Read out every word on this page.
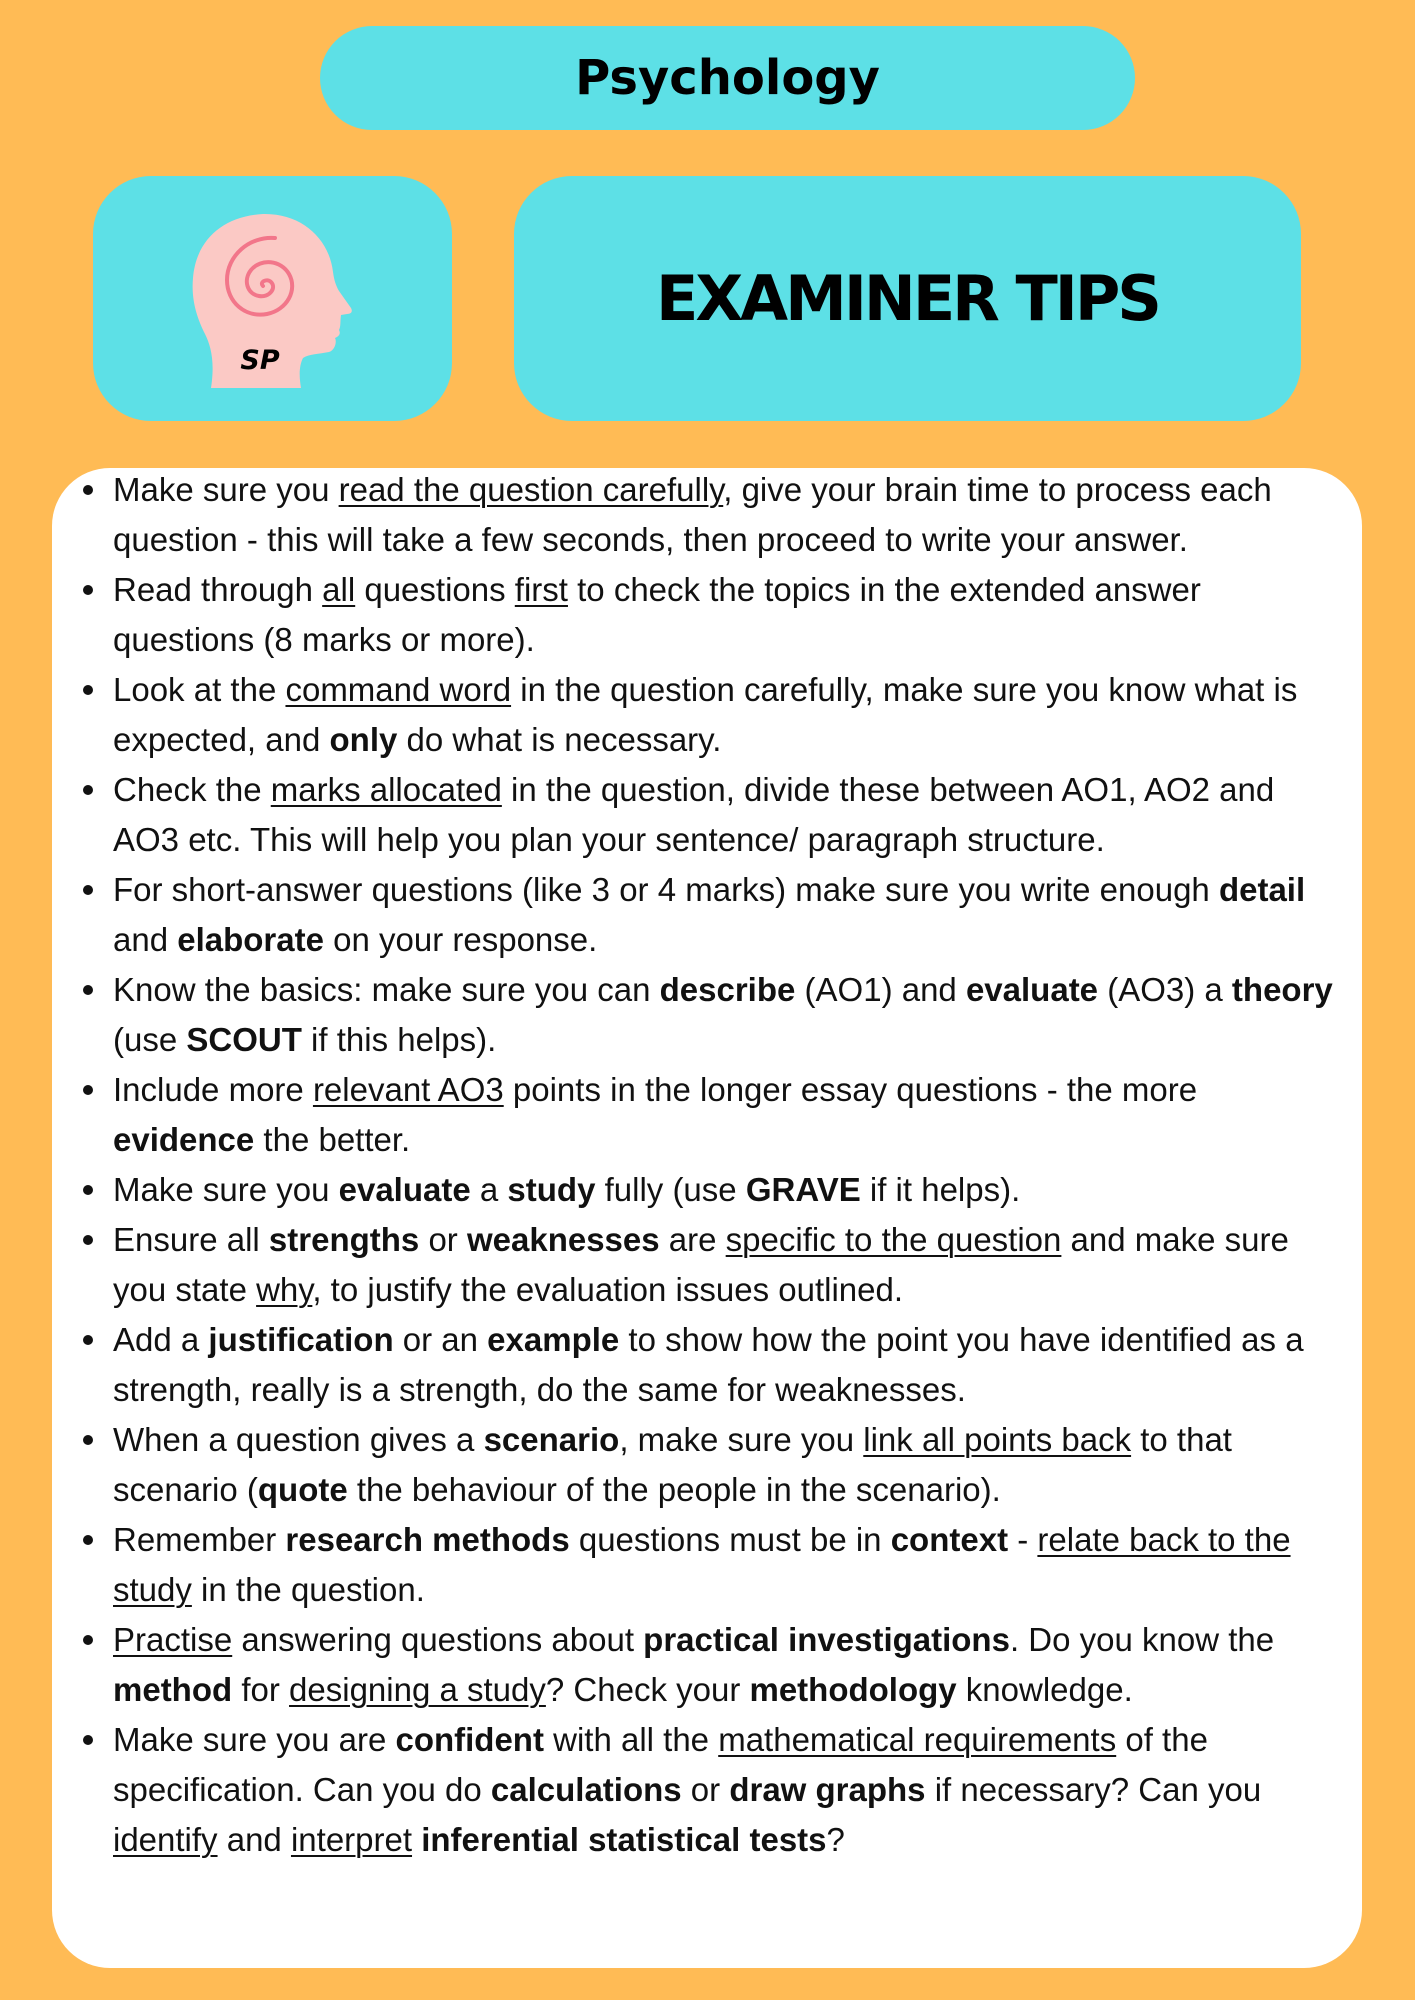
Psychology
SP
EXAMINER TIPS
Make sure you read the question carefully, give your brain time to process each question - this will take a few seconds, then proceed to write your answer.
Read through all questions first to check the topics in the extended answer questions (8 marks or more).
Look at the command word in the question carefully, make sure you know what is expected, and only do what is necessary.
Check the marks allocated in the question, divide these between AO1, AO2 and AO3 etc. This will help you plan your sentence/ paragraph structure.
For short-answer questions (like 3 or 4 marks) make sure you write enough detail and elaborate on your response.
Know the basics: make sure you can describe (AO1) and evaluate (AO3) a theory (use SCOUT if this helps).
Include more relevant AO3 points in the longer essay questions - the more evidence the better.
Make sure you evaluate a study fully (use GRAVE if it helps).
Ensure all strengths or weaknesses are specific to the question and make sure you state why, to justify the evaluation issues outlined.
Add a justification or an example to show how the point you have identified as a strength, really is a strength, do the same for weaknesses.
When a question gives a scenario, make sure you link all points back to that scenario (quote the behaviour of the people in the scenario).
Remember research methods questions must be in context - relate back to the study in the question.
Practise answering questions about practical investigations. Do you know the method for designing a study? Check your methodology knowledge.
Make sure you are confident with all the mathematical requirements of the specification. Can you do calculations or draw graphs if necessary? Can you identify and interpret inferential statistical tests?
